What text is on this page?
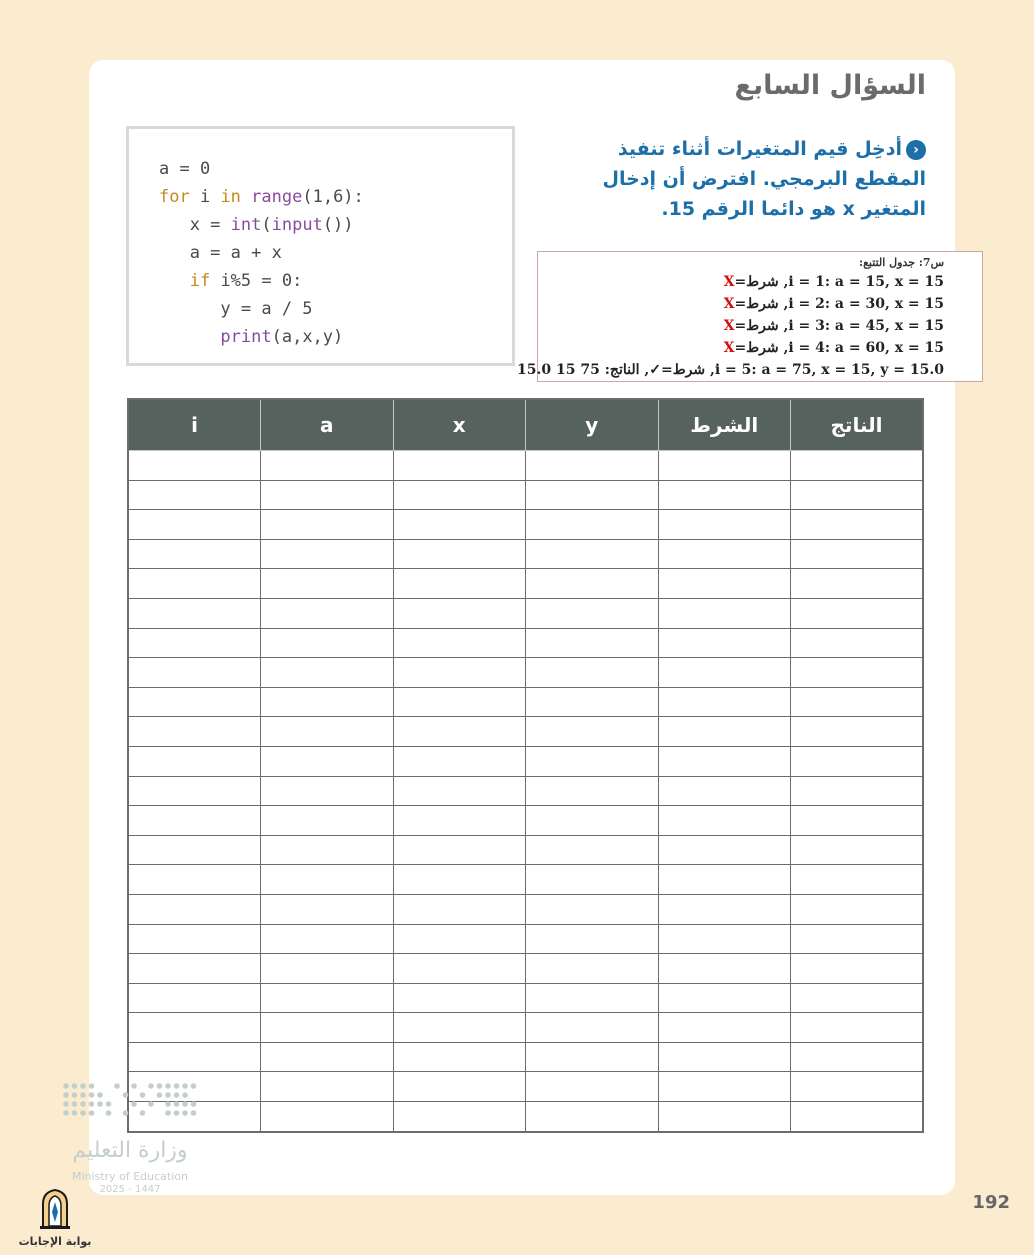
السؤال السابع
a = 0
for i in range(1,6):
x = int(input())
a = a + x
if i%5 = 0:
y = a / 5
print(a,x,y)
‹أدخِل قيم المتغيرات أثناء تنفيذ المقطع البرمجي. افترض أن إدخال المتغير x هو دائما الرقم 15.
س7: جدول التتبع:
i = 1: a = 15, x = 15, شرط=X
i = 2: a = 30, x = 15, شرط=X
i = 3: a = 45, x = 15, شرط=X
i = 4: a = 60, x = 15, شرط=X
i = 5: a = 75, x = 15, y = 15.0, شرط=✓, الناتج: 75 15 15.0
الناتج	الشرط	y	x	a	i

وزارة التعليم
Ministry of Education
2025 - 1447
192
بوابة الإجابات
